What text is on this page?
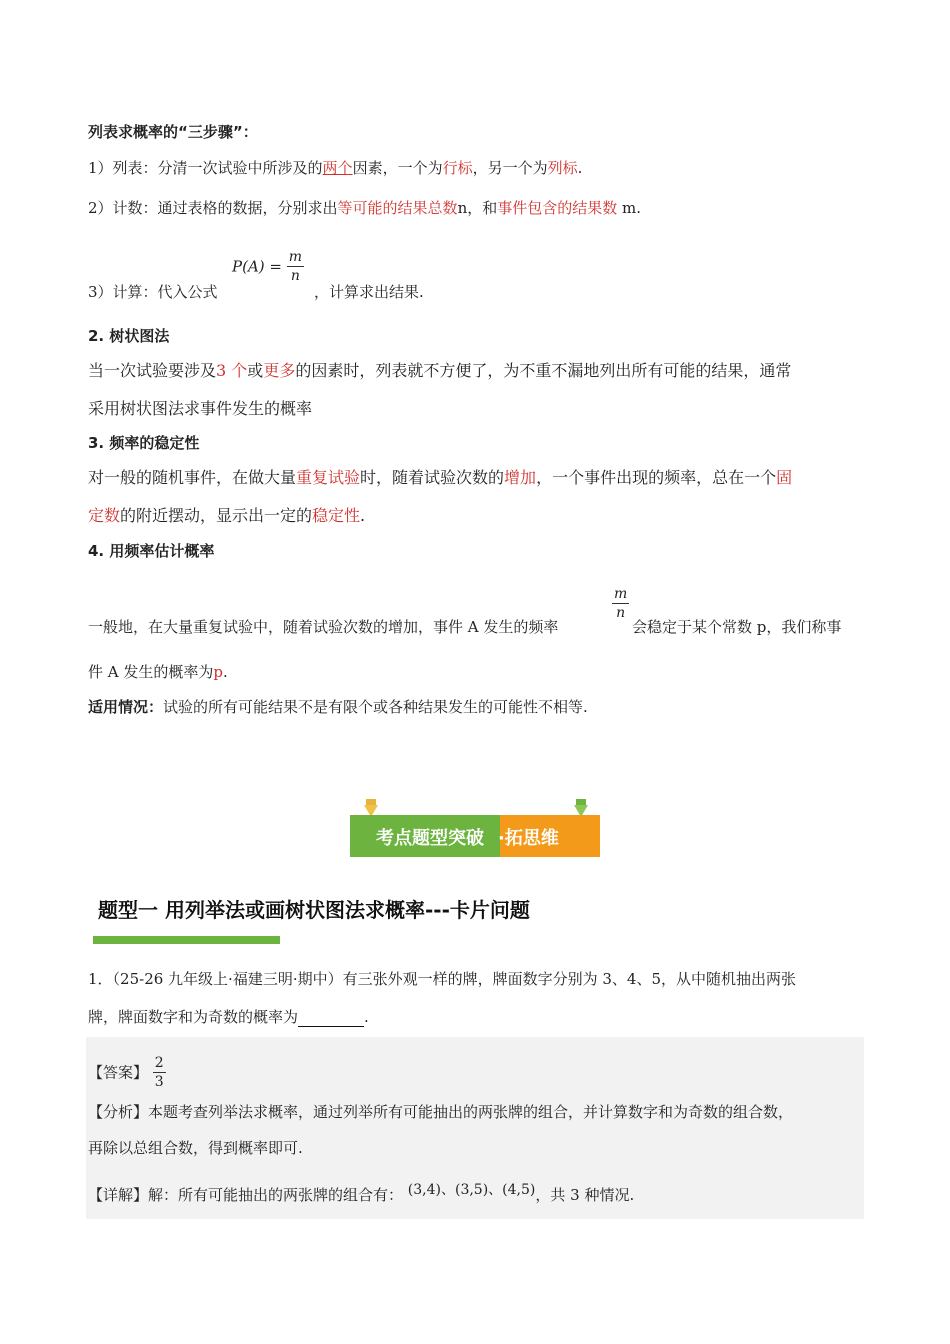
列表求概率的“三步骤”：
1）列表：分清一次试验中所涉及的两个因素，一个为行标，另一个为列标.
2）计数：通过表格的数据，分别求出等可能的结果总数n，和事件包含的结果数 m.
3）计算：代入公式
$P(A) = \frac{m}{n}$
，计算求出结果.
2. 树状图法
当一次试验要涉及3 个或更多的因素时，列表就不方便了，为不重不漏地列出所有可能的结果，通常
采用树状图法求事件发生的概率
3. 频率的稳定性
对一般的随机事件，在做大量重复试验时，随着试验次数的增加，一个事件出现的频率，总在一个固
定数的附近摆动，显示出一定的稳定性.
4. 用频率估计概率
一般地，在大量重复试验中，随着试验次数的增加，事件 A 发生的频率
$\frac{m}{n}$
会稳定于某个常数 p，我们称事
件 A 发生的概率为p.
适用情况：试验的所有可能结果不是有限个或各种结果发生的可能性不相等.
考点题型突破 ·拓思维
题型一 用列举法或画树状图法求概率---卡片问题
1．（25-26 九年级上·福建三明·期中）有三张外观一样的牌，牌面数字分别为 3、4、5，从中随机抽出两张
牌，牌面数字和为奇数的概率为	.
【答案】 $\frac{2}{3}$
【分析】本题考查列举法求概率，通过列举所有可能抽出的两张牌的组合，并计算数字和为奇数的组合数，
再除以总组合数，得到概率即可.
【详解】解：所有可能抽出的两张牌的组合有： (3,4)、(3,5)、(4,5)，共 3 种情况.
